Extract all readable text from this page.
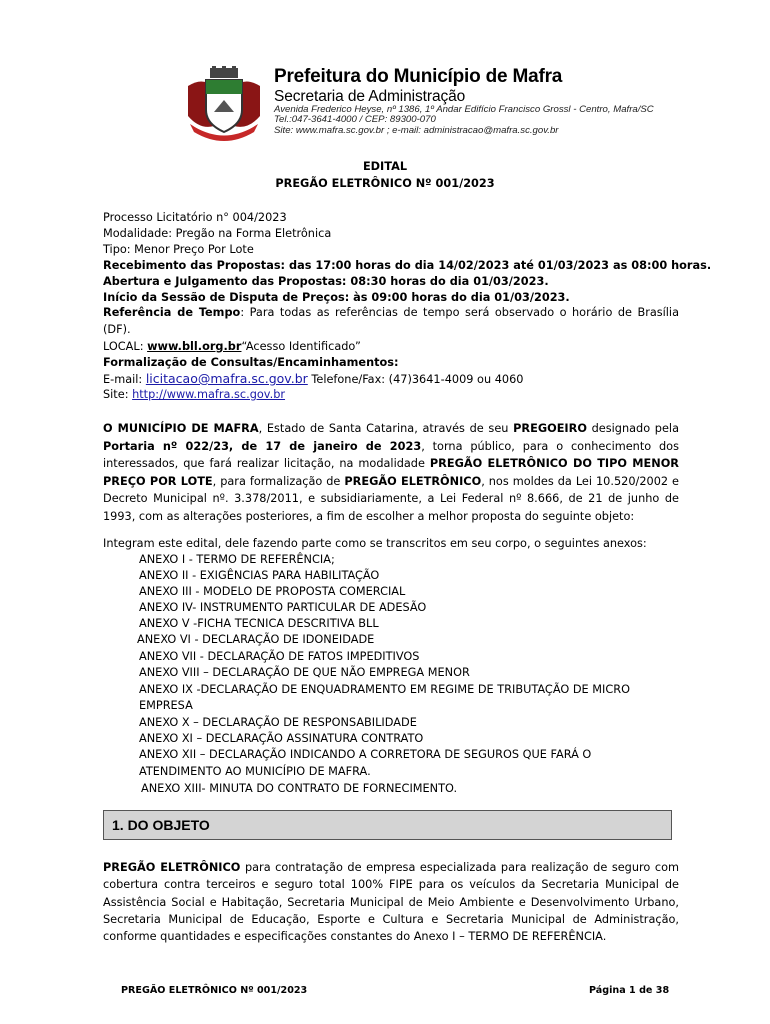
Prefeitura do Município de Mafra
Secretaria de Administração
Avenida Frederico Heyse, nº 1386, 1º Andar Edifício Francisco Grossl - Centro, Mafra/SC
Tel.:047-3641-4000 / CEP: 89300-070
Site: www.mafra.sc.gov.br ; e-mail: administracao@mafra.sc.gov.br
EDITAL
PREGÃO ELETRÔNICO Nº 001/2023
Processo Licitatório n° 004/2023
Modalidade: Pregão na Forma Eletrônica
Tipo: Menor Preço Por Lote
Recebimento das Propostas: das 17:00 horas do dia 14/02/2023 até 01/03/2023 as 08:00 horas.
Abertura e Julgamento das Propostas: 08:30 horas do dia 01/03/2023.
Início da Sessão de Disputa de Preços: às 09:00 horas do dia 01/03/2023.

Referência de Tempo: Para todas as referências de tempo será observado o horário de Brasília (DF).

LOCAL: www.bll.org.br“Acesso Identificado”
Formalização de Consultas/Encaminhamentos:
E-mail: licitacao@mafra.sc.gov.br Telefone/Fax: (47)3641-4009 ou 4060
Site: http://www.mafra.sc.gov.br

O MUNICÍPIO DE MAFRA, Estado de Santa Catarina, através de seu PREGOEIRO designado pela Portaria nº 022/23, de 17 de janeiro de 2023, torna público, para o conhecimento dos interessados, que fará realizar licitação, na modalidade PREGÃO ELETRÔNICO DO TIPO MENOR PREÇO POR LOTE, para formalização de PREGÃO ELETRÔNICO, nos moldes da Lei 10.520/2002 e Decreto Municipal nº. 3.378/2011, e subsidiariamente, a Lei Federal nº 8.666, de 21 de junho de 1993, com as alterações posteriores, a fim de escolher a melhor proposta do seguinte objeto:

Integram este edital, dele fazendo parte como se transcritos em seu corpo, o seguintes anexos:
ANEXO I - TERMO DE REFERÊNCIA;
ANEXO II - EXIGÊNCIAS PARA HABILITAÇÃO
ANEXO III - MODELO DE PROPOSTA COMERCIAL
ANEXO IV- INSTRUMENTO PARTICULAR DE ADESÃO
ANEXO V -FICHA TECNICA DESCRITIVA BLL
ANEXO VI - DECLARAÇÃO DE IDONEIDADE
ANEXO VII - DECLARAÇÃO DE FATOS IMPEDITIVOS
ANEXO VIII – DECLARAÇÃO DE QUE NÃO EMPREGA MENOR
ANEXO IX -DECLARAÇÃO DE ENQUADRAMENTO EM REGIME DE TRIBUTAÇÃO DE MICRO
EMPRESA
ANEXO X – DECLARAÇÃO DE RESPONSABILIDADE
ANEXO XI – DECLARAÇÃO ASSINATURA CONTRATO
ANEXO XII – DECLARAÇÃO INDICANDO A CORRETORA DE SEGUROS QUE FARÁ O
ATENDIMENTO AO MUNICÍPIO DE MAFRA.
ANEXO XIII- MINUTA DO CONTRATO DE FORNECIMENTO.
1. DO OBJETO

PREGÃO ELETRÔNICO para contratação de empresa especializada para realização de seguro com cobertura contra terceiros e seguro total 100% FIPE para os veículos da Secretaria Municipal de Assistência Social e Habitação, Secretaria Municipal de Meio Ambiente e Desenvolvimento Urbano, Secretaria Municipal de Educação, Esporte e Cultura e Secretaria Municipal de Administração, conforme quantidades e especificações constantes do Anexo I – TERMO DE REFERÊNCIA.

PREGÃO ELETRÔNICO Nº 001/2023	Página 1 de 38
